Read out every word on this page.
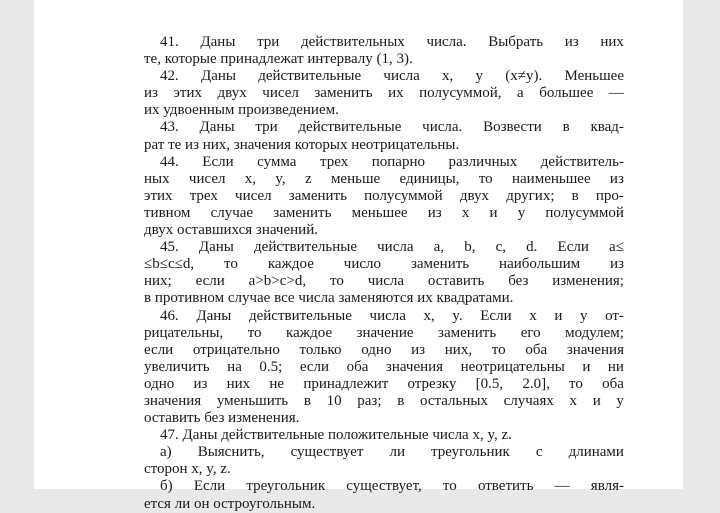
41. Даны три действительных числа. Выбрать из них
те, которые принадлежат интервалу (1, 3).
42. Даны действительные числа x, y (x≠y). Меньшее
из этих двух чисел заменить их полусуммой, а большее —
их удвоенным произведением.
43. Даны три действительные числа. Возвести в квад-
рат те из них, значения которых неотрицательны.
44. Если сумма трех попарно различных действитель-
ных чисел x, y, z меньше единицы, то наименьшее из
этих трех чисел заменить полусуммой двух других; в про-
тивном случае заменить меньшее из x и y полусуммой
двух оставшихся значений.
45. Даны действительные числа a, b, c, d. Если a≤
≤b≤c≤d, то каждое число заменить наибольшим из
них; если a>b>c>d, то числа оставить без изменения;
в противном случае все числа заменяются их квадратами.
46. Даны действительные числа x, y. Если x и y от-
рицательны, то каждое значение заменить его модулем;
если отрицательно только одно из них, то оба значения
увеличить на 0.5; если оба значения неотрицательны и ни
одно из них не принадлежит отрезку [0.5, 2.0], то оба
значения уменьшить в 10 раз; в остальных случаях x и y
оставить без изменения.
47. Даны действительные положительные числа x, y, z.
а) Выяснить, существует ли треугольник с длинами
сторон x, y, z.
б) Если треугольник существует, то ответить — явля-
ется ли он остроугольным.
